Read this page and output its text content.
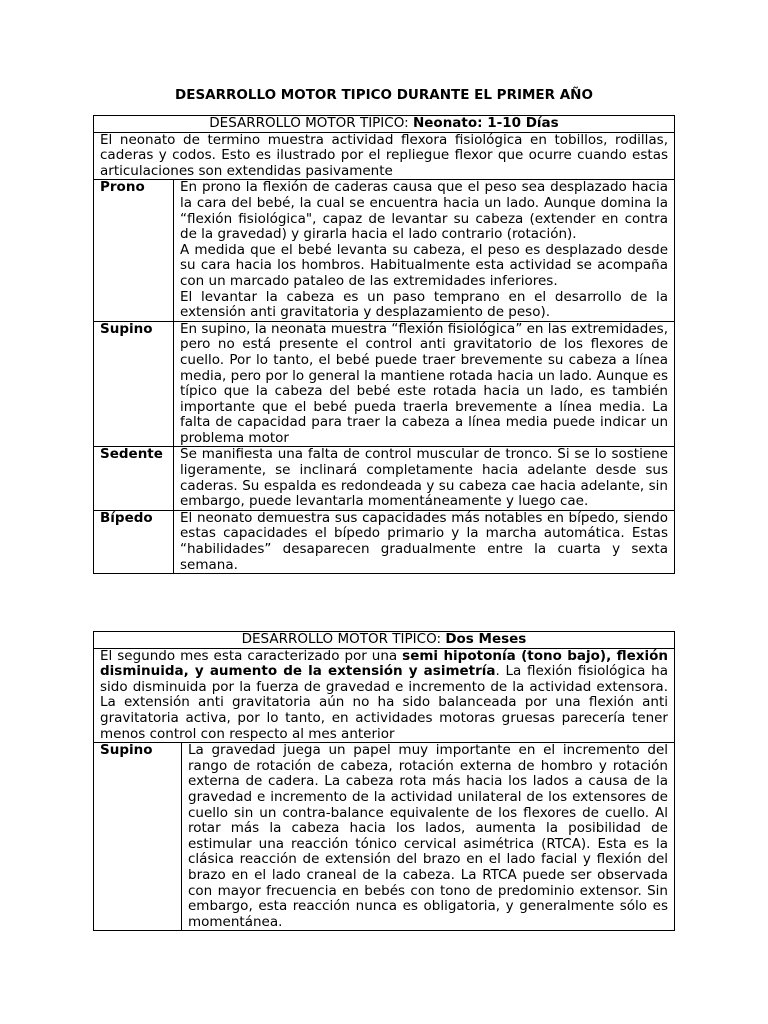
DESARROLLO MOTOR TIPICO DURANTE EL PRIMER AÑO
DESARROLLO MOTOR TIPICO: Neonato: 1-10 Días	
El neonato de termino muestra actividad flexora fisiológica en tobillos, rodillas, caderas y codos. Esto es ilustrado por el repliegue flexor que ocurre cuando estas articulaciones son extendidas pasivamente	
Prono	En prono la flexión de caderas causa que el peso sea desplazado hacia la cara del bebé, la cual se encuentra hacia un lado. Aunque domina la “flexión fisiológica", capaz de levantar su cabeza (extender en contra de la gravedad) y girarla hacia el lado contrario (rotación).
A medida que el bebé levanta su cabeza, el peso es desplazado desde su cara hacia los hombros. Habitualmente esta actividad se acompaña con un marcado pataleo de las extremidades inferiores.
El levantar la cabeza es un paso temprano en el desarrollo de la extensión anti gravitatoria y desplazamiento de peso).

Supino	En supino, la neonata muestra “flexión fisiológica” en las extremidades, pero no está presente el control anti gravitatorio de los flexores de cuello. Por lo tanto, el bebé puede traer brevemente su cabeza a línea media, pero por lo general la mantiene rotada hacia un lado. Aunque es típico que la cabeza del bebé este rotada hacia un lado, es también importante que el bebé pueda traerla brevemente a línea media. La falta de capacidad para traer la cabeza a línea media puede indicar un problema motor

Sedente	Se manifiesta una falta de control muscular de tronco. Si se lo sostiene ligeramente, se inclinará completamente hacia adelante desde sus caderas. Su espalda es redondeada y su cabeza cae hacia adelante, sin embargo, puede levantarla momentáneamente y luego cae.

Bípedo	El neonato demuestra sus capacidades más notables en bípedo, siendo estas capacidades el bípedo primario y la marcha automática. Estas “habilidades” desaparecen gradualmente entre la cuarta y sexta semana.
DESARROLLO MOTOR TIPICO: Dos Meses
El segundo mes esta caracterizado por una semi hipotonía (tono bajo), flexión disminuida, y aumento de la extensión y asimetría. La flexión fisiológica ha sido disminuida por la fuerza de gravedad e incremento de la actividad extensora. La extensión anti gravitatoria aún no ha sido balanceada por una flexión anti gravitatoria activa, por lo tanto, en actividades motoras gruesas parecería tener menos control con respecto al mes anterior
Supino	La gravedad juega un papel muy importante en el incremento del rango de rotación de cabeza, rotación externa de hombro y rotación externa de cadera. La cabeza rota más hacia los lados a causa de la gravedad e incremento de la actividad unilateral de los extensores de cuello sin un contra-balance equivalente de los flexores de cuello. Al rotar más la cabeza hacia los lados, aumenta la posibilidad de estimular una reacción tónico cervical asimétrica (RTCA). Esta es la clásica reacción de extensión del brazo en el lado facial y flexión del brazo en el lado craneal de la cabeza. La RTCA puede ser observada con mayor frecuencia en bebés con tono de predominio extensor. Sin embargo, esta reacción nunca es obligatoria, y generalmente sólo es momentánea.
